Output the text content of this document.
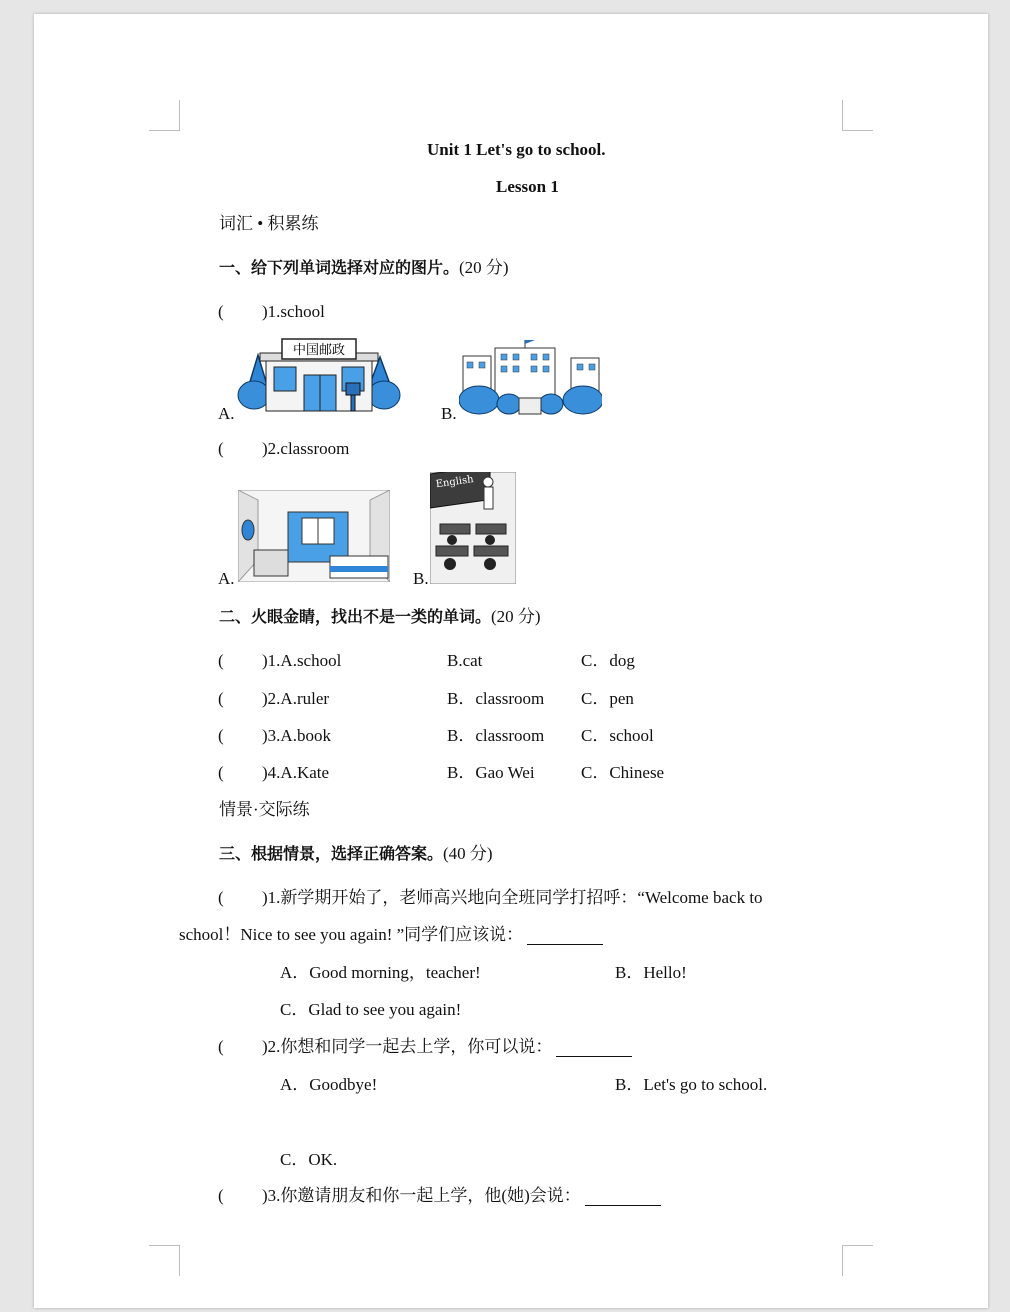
Unit 1 Let's go to school.
Lesson 1
词汇 • 积累练
一、给下列单词选择对应的图片。(20 分)
( )1.school
中国邮政
A.	B.
( )2.classroom
A.
English
B.
二、火眼金睛，找出不是一类的单词。(20 分)
( )1.A.school	B.cat	C．dog
( )2.A.ruler	B．classroom C．pen
( )3.A.book	B．classroom C．school
( )4.A.Kate	B．Gao Wei	C．Chinese
情景·交际练
三、根据情景，选择正确答案。(40 分)
( )1.新学期开始了，老师高兴地向全班同学打招呼：“Welcome back to
school！Nice to see you again! ”同学们应该说：
A．Good morning，teacher!	B．Hello!
C．Glad to see you again!
( )2.你想和同学一起去上学，你可以说：
A．Goodbye!	B．Let's go to school.
C．OK.
( )3.你邀请朋友和你一起上学，他(她)会说：
